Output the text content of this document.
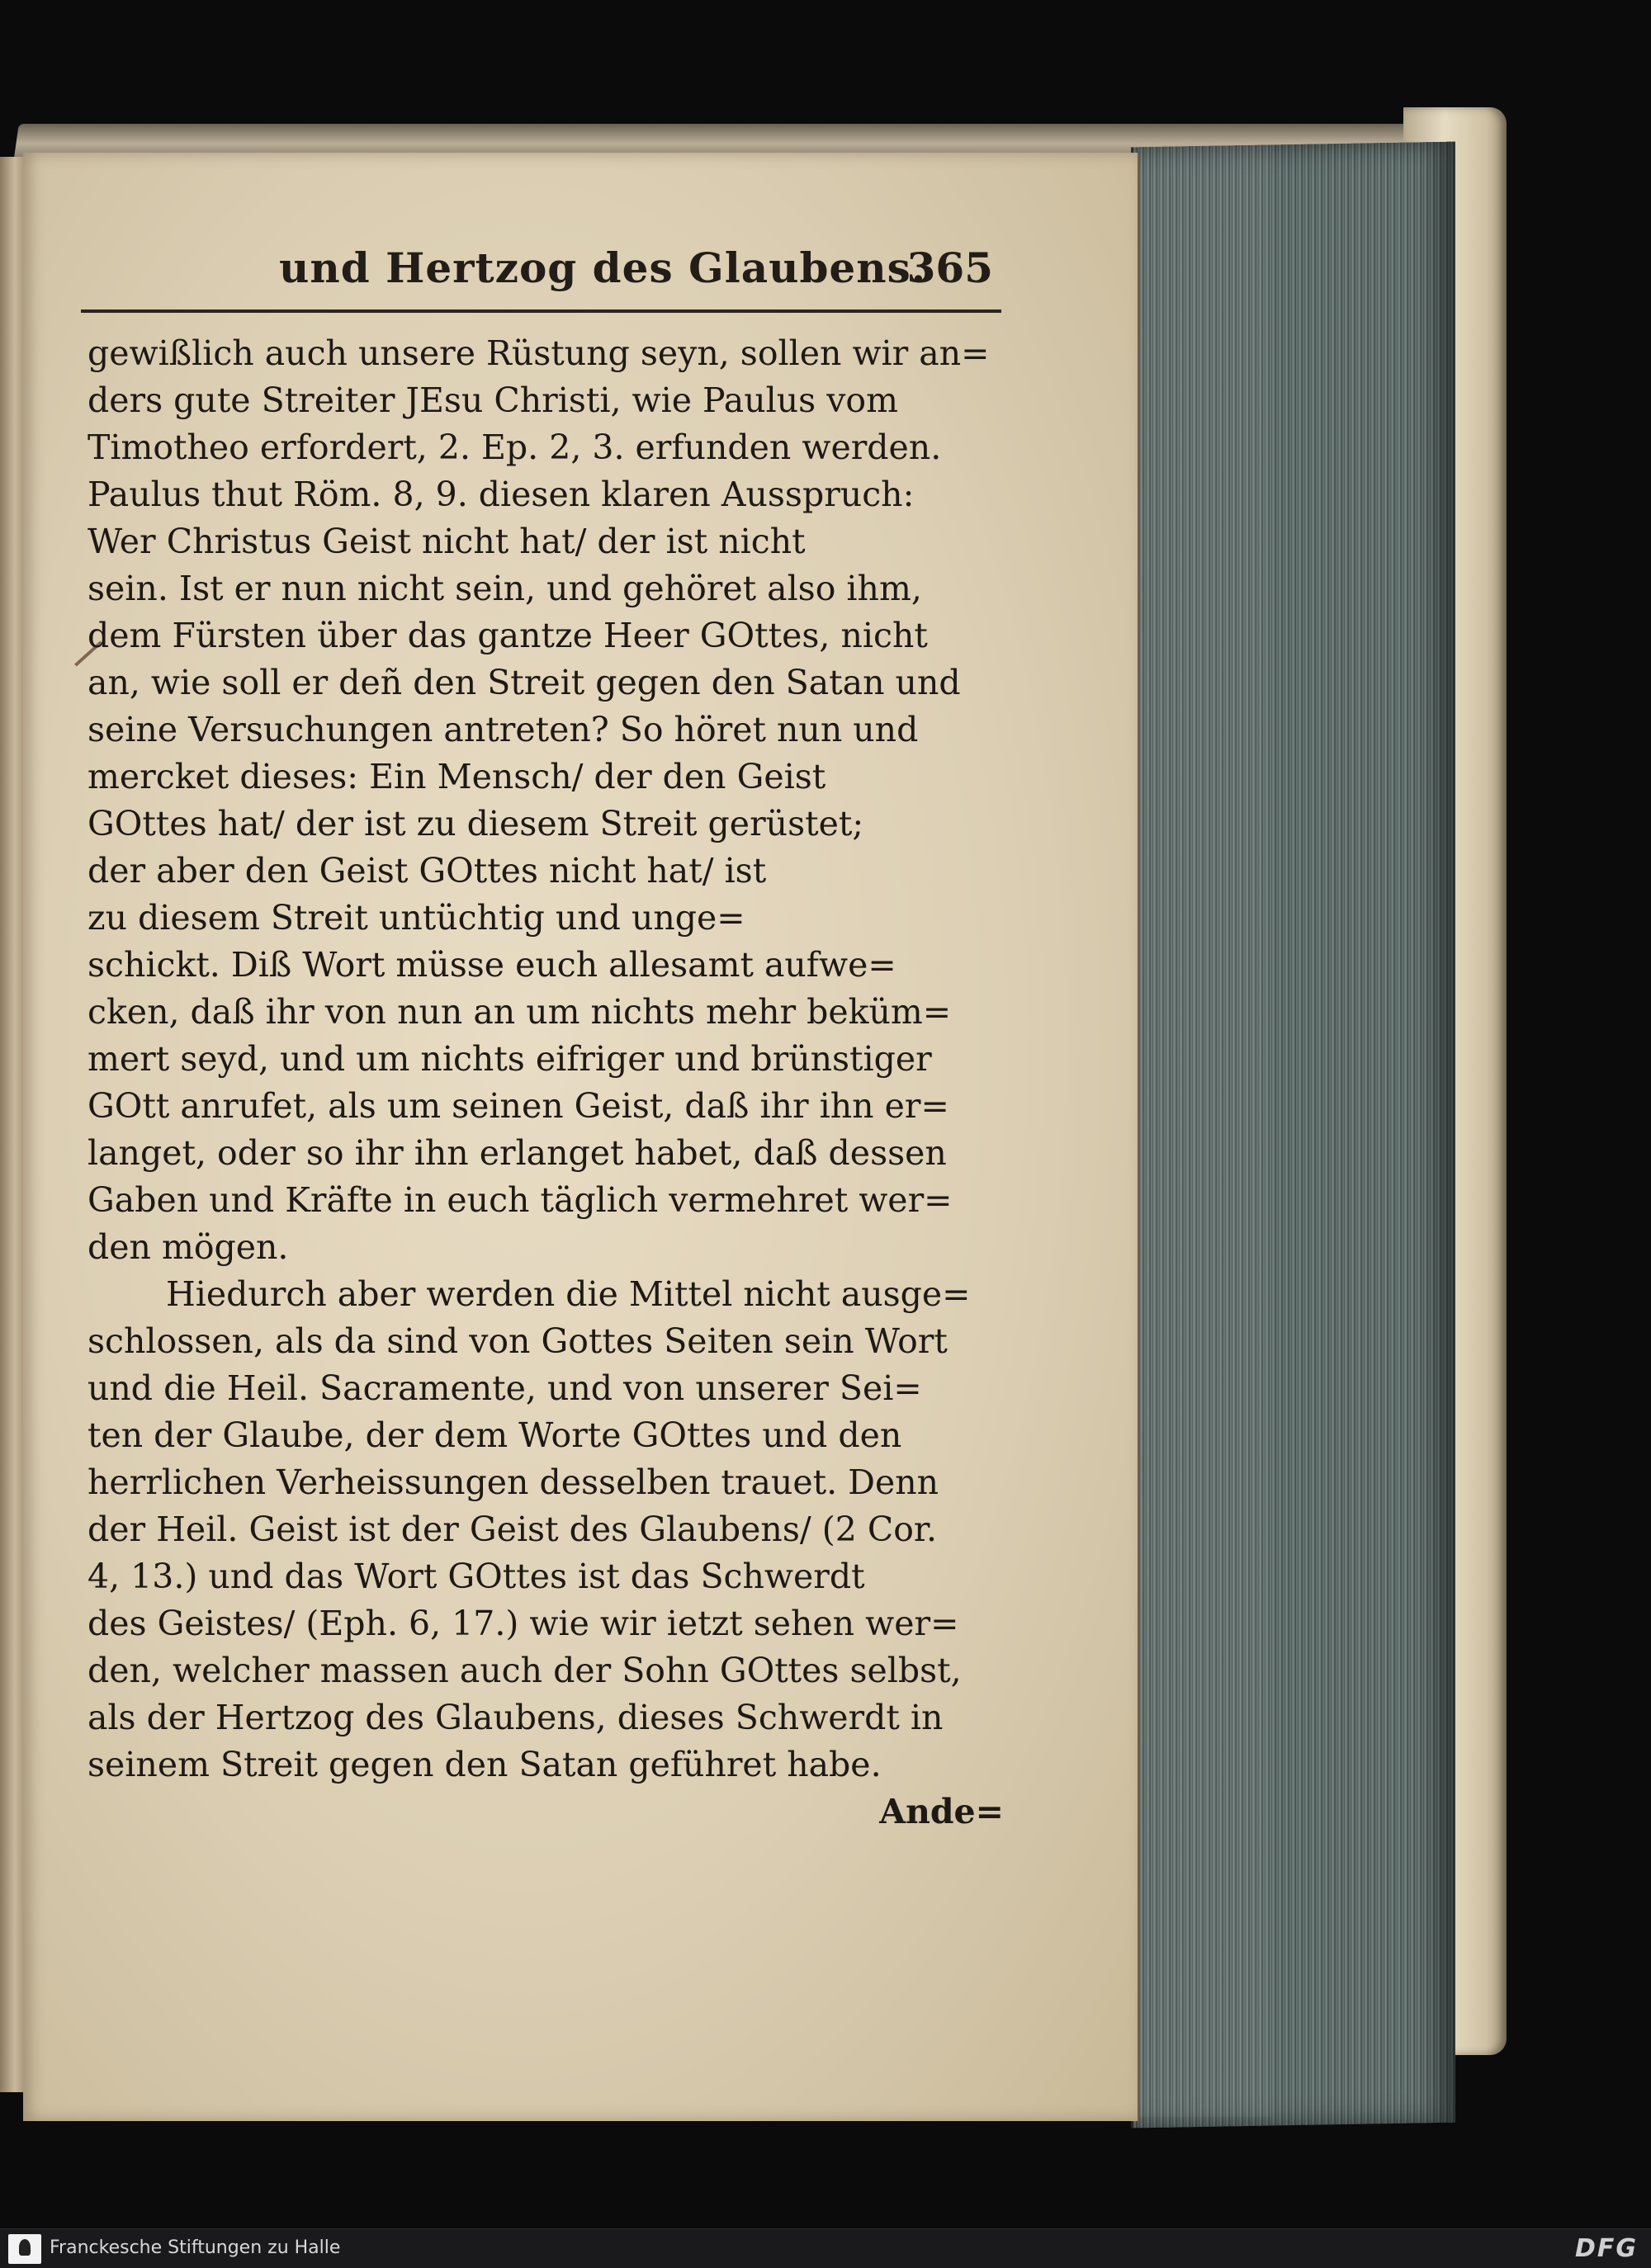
und Hertzog des Glaubens.
365
gewißlich auch unsere Rüstung seyn, sollen wir an=
ders gute Streiter JEsu Christi, wie Paulus vom
Timotheo erfordert, 2. Ep. 2, 3. erfunden werden.
Paulus thut Röm. 8, 9. diesen klaren Ausspruch:
Wer Christus Geist nicht hat/ der ist nicht
sein. Ist er nun nicht sein, und gehöret also ihm,
dem Fürsten über das gantze Heer GOttes, nicht
an, wie soll er deñ den Streit gegen den Satan und
seine Versuchungen antreten? So höret nun und
mercket dieses: Ein Mensch/ der den Geist
GOttes hat/ der ist zu diesem Streit gerüstet;
der aber den Geist GOttes nicht hat/ ist
zu diesem Streit untüchtig und unge=
schickt. Diß Wort müsse euch allesamt aufwe=
cken, daß ihr von nun an um nichts mehr beküm=
mert seyd, und um nichts eifriger und brünstiger
GOtt anrufet, als um seinen Geist, daß ihr ihn er=
langet, oder so ihr ihn erlanget habet, daß dessen
Gaben und Kräfte in euch täglich vermehret wer=
den mögen.
Hiedurch aber werden die Mittel nicht ausge=
schlossen, als da sind von Gottes Seiten sein Wort
und die Heil. Sacramente, und von unserer Sei=
ten der Glaube, der dem Worte GOttes und den
herrlichen Verheissungen desselben trauet. Denn
der Heil. Geist ist der Geist des Glaubens/ (2 Cor.
4, 13.) und das Wort GOttes ist das Schwerdt
des Geistes/ (Eph. 6, 17.) wie wir ietzt sehen wer=
den, welcher massen auch der Sohn GOttes selbst,
als der Hertzog des Glaubens, dieses Schwerdt in
seinem Streit gegen den Satan geführet habe.
Ande=
Franckesche Stiftungen zu Halle	DFG
